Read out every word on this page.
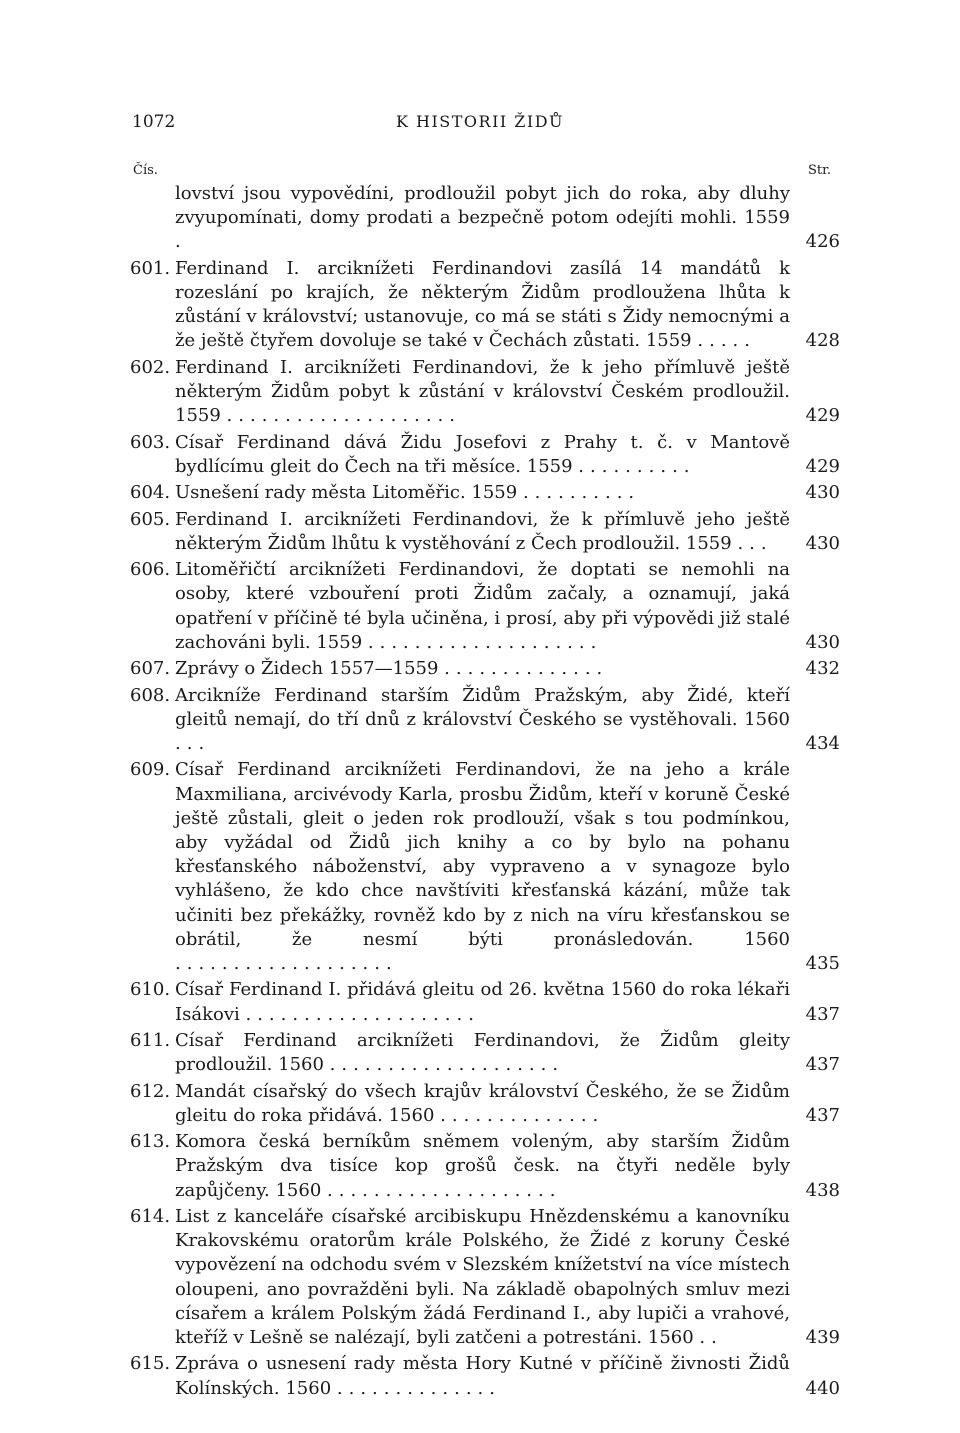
1072	K HISTORII ŽIDŮ
Čís.	Str.
lovství jsou vypovědíni, prodloužil pobyt jich do roka, aby dluhy zvyupomínati, domy prodati a bezpečně potom odejíti mohli. 1559 .	426
601. Ferdinand I. arciknížeti Ferdinandovi zasílá 14 mandátů k rozeslání po krajích, že některým Židům prodloužena lhůta k zůstání v království; ustanovuje, co má se státi s Židy nemocnými a že ještě čtyřem dovoluje se také v Čechách zůstati. 1559 .....	428
602. Ferdinand I. arciknížeti Ferdinandovi, že k jeho přímluvě ještě některým Židům pobyt k zůstání v království Českém prodloužil. 1559 ....................	429
603. Císař Ferdinand dává Židu Josefovi z Prahy t. č. v Mantově bydlícímu gleit do Čech na tři měsíce. 1559 ..........	429
604. Usnešení rady města Litoměřic. 1559 ..........	430
605. Ferdinand I. arciknížeti Ferdinandovi, že k přímluvě jeho ještě některým Židům lhůtu k vystěhování z Čech prodloužil. 1559 ...	430
606. Litoměřičtí arciknížeti Ferdinandovi, že doptati se nemohli na osoby, které vzbouření proti Židům začaly, a oznamují, jaká opatření v příčině té byla učiněna, i prosí, aby při výpovědi již stalé zachováni byli. 1559 ....................	430
607. Zprávy o Židech 1557—1559 ..............	432
608. Arcikníže Ferdinand starším Židům Pražským, aby Židé, kteří gleitů nemají, do tří dnů z království Českého se vystěhovali. 1560 ...	434
609. Císař Ferdinand arciknížeti Ferdinandovi, že na jeho a krále Maxmiliana, arcivévody Karla, prosbu Židům, kteří v koruně České ještě zůstali, gleit o jeden rok prodlouží, však s tou podmínkou, aby vyžádal od Židů jich knihy a co by bylo na pohanu křesťanského náboženství, aby vypraveno a v synagoze bylo vyhlášeno, že kdo chce navštíviti křesťanská kázání, může tak učiniti bez překážky, rovněž kdo by z nich na víru křesťanskou se obrátil, že nesmí býti pronásledován. 1560 ...................	435
610. Císař Ferdinand I. přidává gleitu od 26. května 1560 do roka lékaři Isákovi ....................	437
611. Císař Ferdinand arciknížeti Ferdinandovi, že Židům gleity prodloužil. 1560 ....................	437
612. Mandát císařský do všech krajův království Českého, že se Židům gleitu do roka přidává. 1560 ..............	437
613. Komora česká berníkům sněmem voleným, aby starším Židům Pražským dva tisíce kop grošů česk. na čtyři neděle byly zapůjčeny. 1560 ....................	438
614. List z kanceláře císařské arcibiskupu Hnězdenskému a kanovníku Krakovskému oratorům krále Polského, že Židé z koruny České vypovězení na odchodu svém v Slezském knížetství na více místech oloupeni, ano povražděni byli. Na základě obapolných smluv mezi císařem a králem Polským žádá Ferdinand I., aby lupiči a vrahové, kteříž v Lešně se nalézají, byli zatčeni a potrestáni. 1560 ..	439
615. Zpráva o usnesení rady města Hory Kutné v příčině živnosti Židů Kolínských. 1560 ..............	440
